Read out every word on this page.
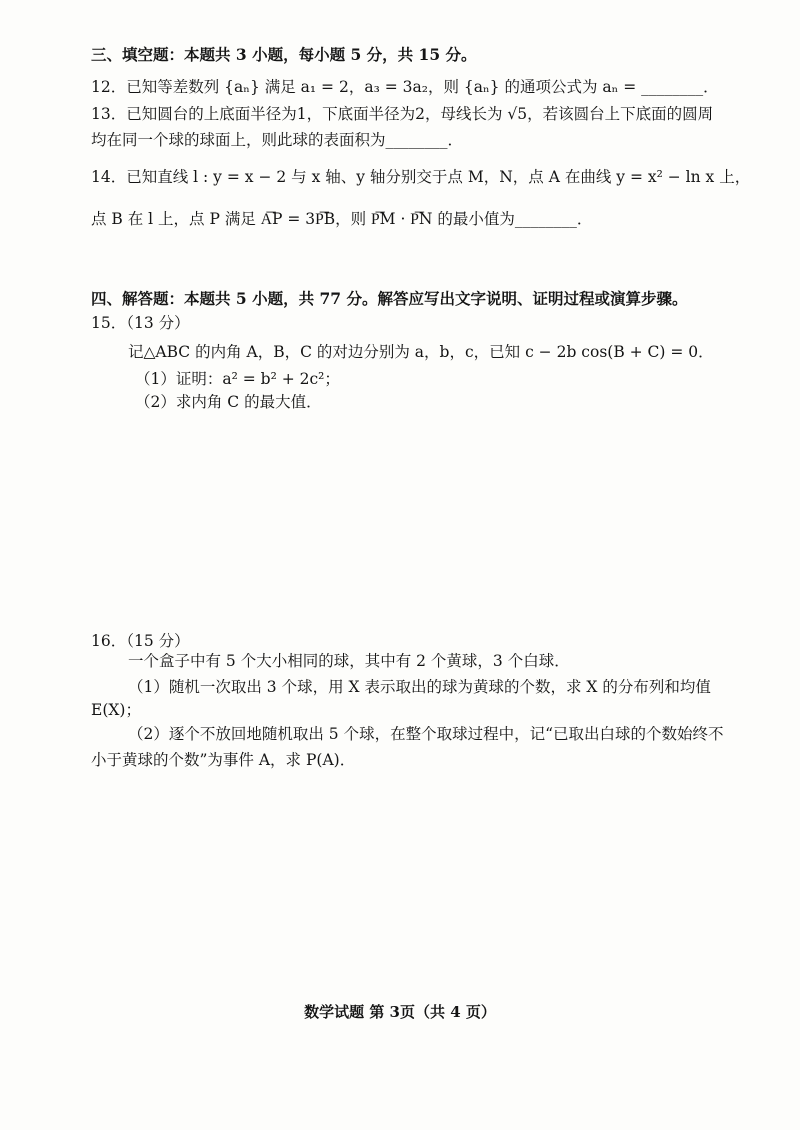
三、填空题：本题共 3 小题，每小题 5 分，共 15 分。
12．已知等差数列 {aₙ} 满足 a₁ = 2，a₃ = 3a₂，则 {aₙ} 的通项公式为 aₙ = ________．
13．已知圆台的上底面半径为1，下底面半径为2，母线长为 √5，若该圆台上下底面的圆周
均在同一个球的球面上，则此球的表面积为________．
14．已知直线 l : y = x − 2 与 x 轴、y 轴分别交于点 M，N，点 A 在曲线 y = x² − ln x 上，
点 B 在 l 上，点 P 满足 A͞P = 3P͞B，则 P͞M · P͞N 的最小值为________．
四、解答题：本题共 5 小题，共 77 分。解答应写出文字说明、证明过程或演算步骤。
15．（13 分）
记△ABC 的内角 A，B，C 的对边分别为 a，b，c，已知 c − 2b cos(B + C) = 0．
（1）证明：a² = b² + 2c²；
（2）求内角 C 的最大值．
16．（15 分）
一个盒子中有 5 个大小相同的球，其中有 2 个黄球，3 个白球．
（1）随机一次取出 3 个球，用 X 表示取出的球为黄球的个数，求 X 的分布列和均值
E(X)；
（2）逐个不放回地随机取出 5 个球，在整个取球过程中，记“已取出白球的个数始终不
小于黄球的个数”为事件 A，求 P(A)．
数学试题 第 3页（共 4 页）
